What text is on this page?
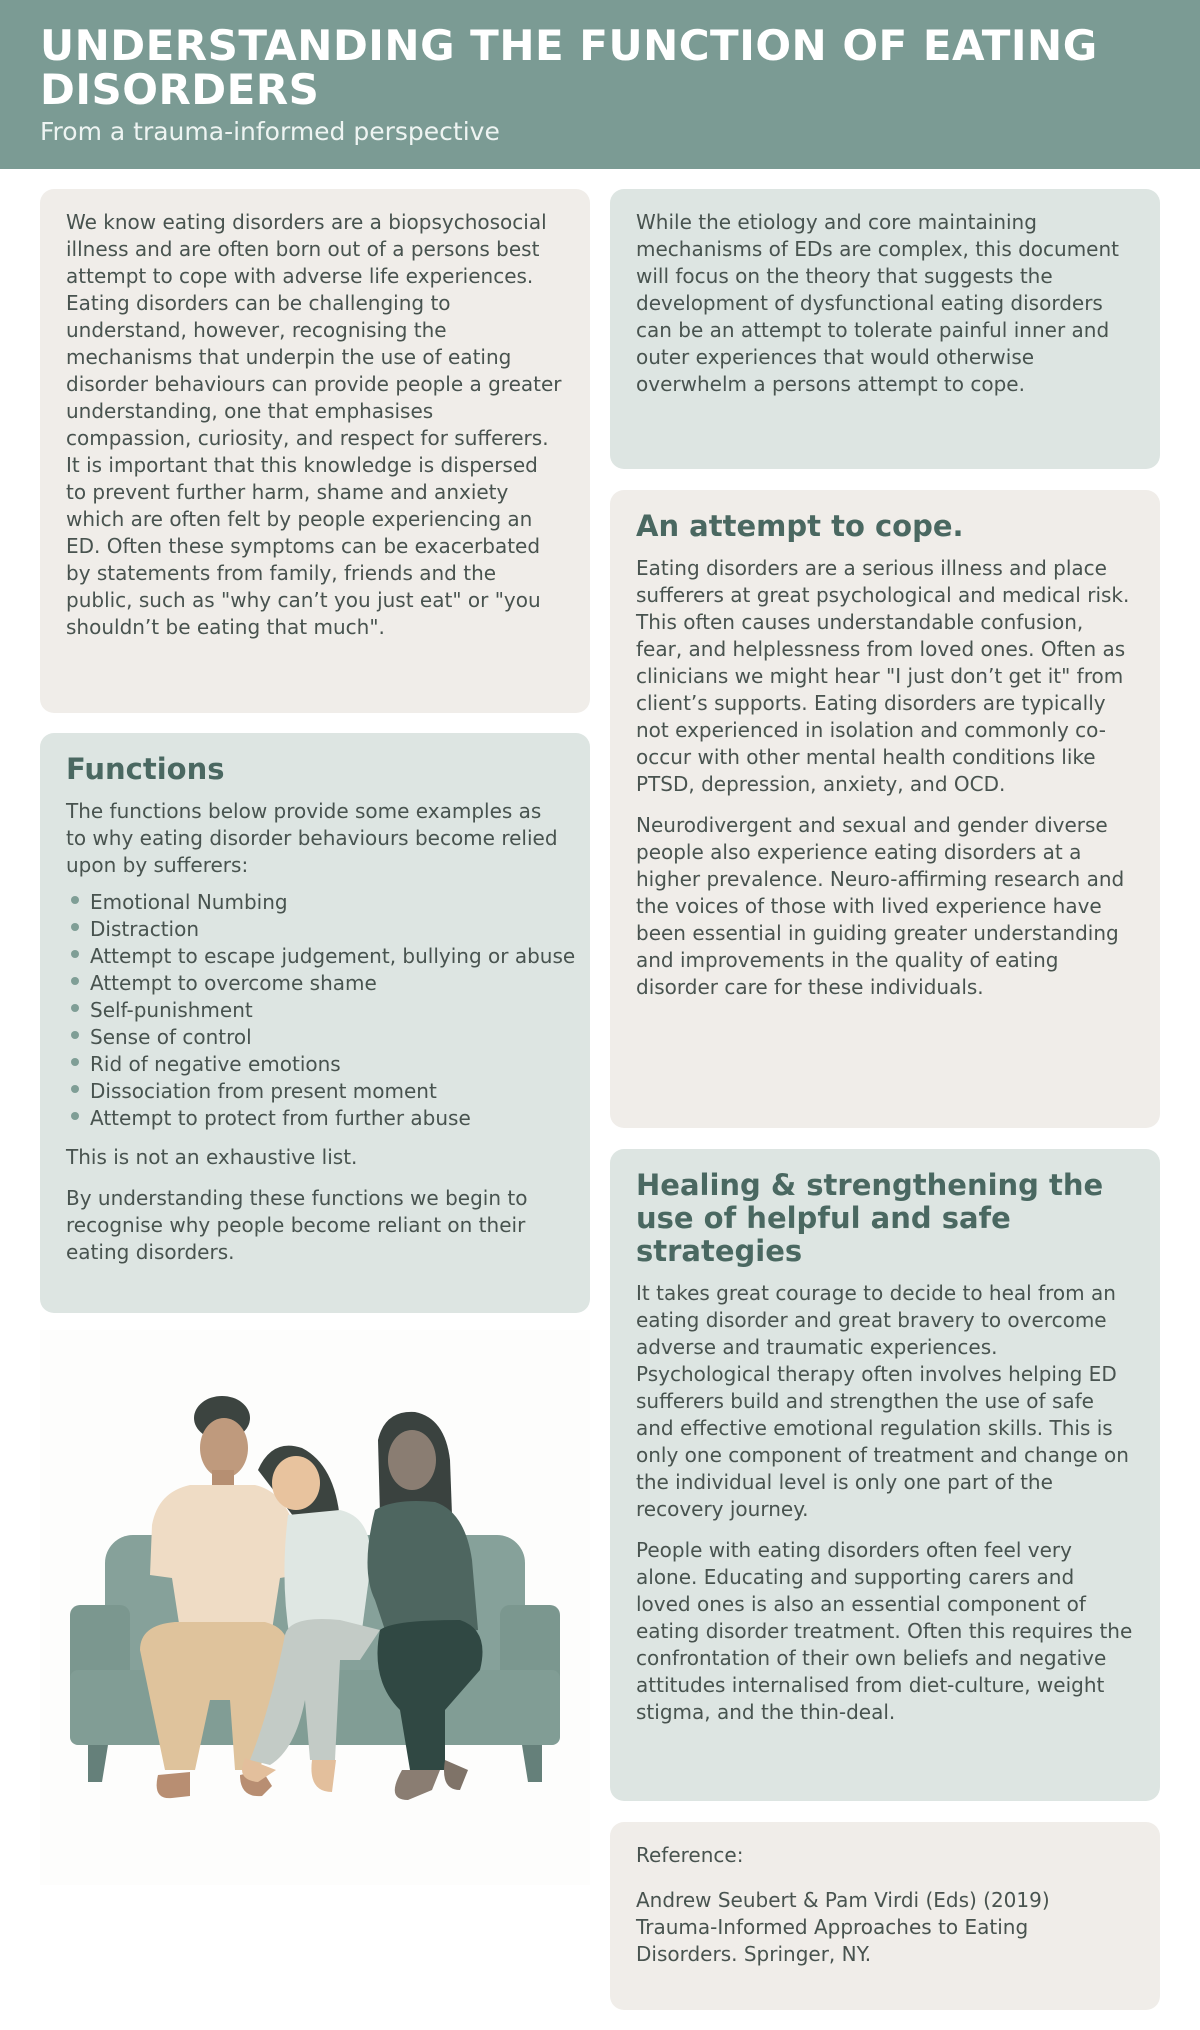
UNDERSTANDING THE FUNCTION OF EATING DISORDERS
From a trauma-informed perspective

We know eating disorders are a biopsychosocial illness and are often born out of a persons best attempt to cope with adverse life experiences. Eating disorders can be challenging to understand, however, recognising the mechanisms that underpin the use of eating disorder behaviours can provide people a greater understanding, one that emphasises compassion, curiosity, and respect for sufferers. It is important that this knowledge is dispersed to prevent further harm, shame and anxiety which are often felt by people experiencing an ED. Often these symptoms can be exacerbated by statements from family, friends and the public, such as "why can’t you just eat" or "you shouldn’t be eating that much".

Functions

The functions below provide some examples as to why eating disorder behaviours become relied upon by sufferers:

Emotional Numbing
Distraction
Attempt to escape judgement, bullying or abuse
Attempt to overcome shame
Self-punishment
Sense of control
Rid of negative emotions
Dissociation from present moment
Attempt to protect from further abuse

This is not an exhaustive list.

By understanding these functions we begin to recognise why people become reliant on their eating disorders.

While the etiology and core maintaining mechanisms of EDs are complex, this document will focus on the theory that suggests the development of dysfunctional eating disorders can be an attempt to tolerate painful inner and outer experiences that would otherwise overwhelm a persons attempt to cope.

An attempt to cope.

Eating disorders are a serious illness and place sufferers at great psychological and medical risk. This often causes understandable confusion, fear, and helplessness from loved ones. Often as clinicians we might hear "I just don’t get it" from client’s supports. Eating disorders are typically not experienced in isolation and commonly co-occur with other mental health conditions like PTSD, depression, anxiety, and OCD.

Neurodivergent and sexual and gender diverse people also experience eating disorders at a higher prevalence. Neuro-affirming research and the voices of those with lived experience have been essential in guiding greater understanding and improvements in the quality of eating disorder care for these individuals.

Healing & strengthening the use of helpful and safe strategies

It takes great courage to decide to heal from an eating disorder and great bravery to overcome adverse and traumatic experiences. Psychological therapy often involves helping ED sufferers build and strengthen the use of safe and effective emotional regulation skills. This is only one component of treatment and change on the individual level is only one part of the recovery journey.

People with eating disorders often feel very alone. Educating and supporting carers and loved ones is also an essential component of eating disorder treatment. Often this requires the confrontation of their own beliefs and negative attitudes internalised from diet-culture, weight stigma, and the thin-deal.

Reference:

Andrew Seubert & Pam Virdi (Eds) (2019) Trauma-Informed Approaches to Eating Disorders. Springer, NY.
